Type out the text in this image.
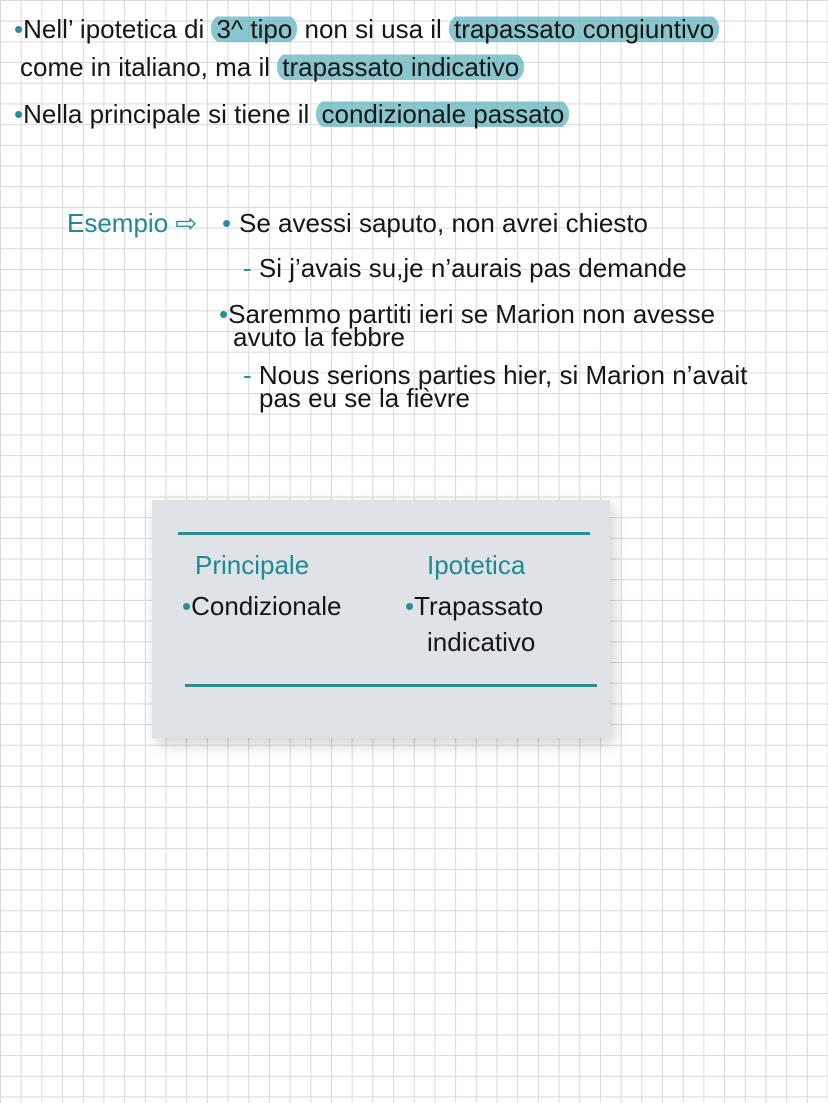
•Nell’ ipotetica di 3^ tipo non si usa il trapassato congiuntivo
come in italiano, ma il trapassato indicativo
•Nella principale si tiene il condizionale passato
Esempio ⇨ • Se avessi saputo, non avrei chiesto
- Si j’avais su,je n’aurais pas demande
•Saremmo partiti ieri se Marion non avesse
avuto la febbre
- Nous serions parties hier, si Marion n’avait
pas eu se la fièvre
Principale	Ipotetica
•Condizionale •Trapassato
indicativo
